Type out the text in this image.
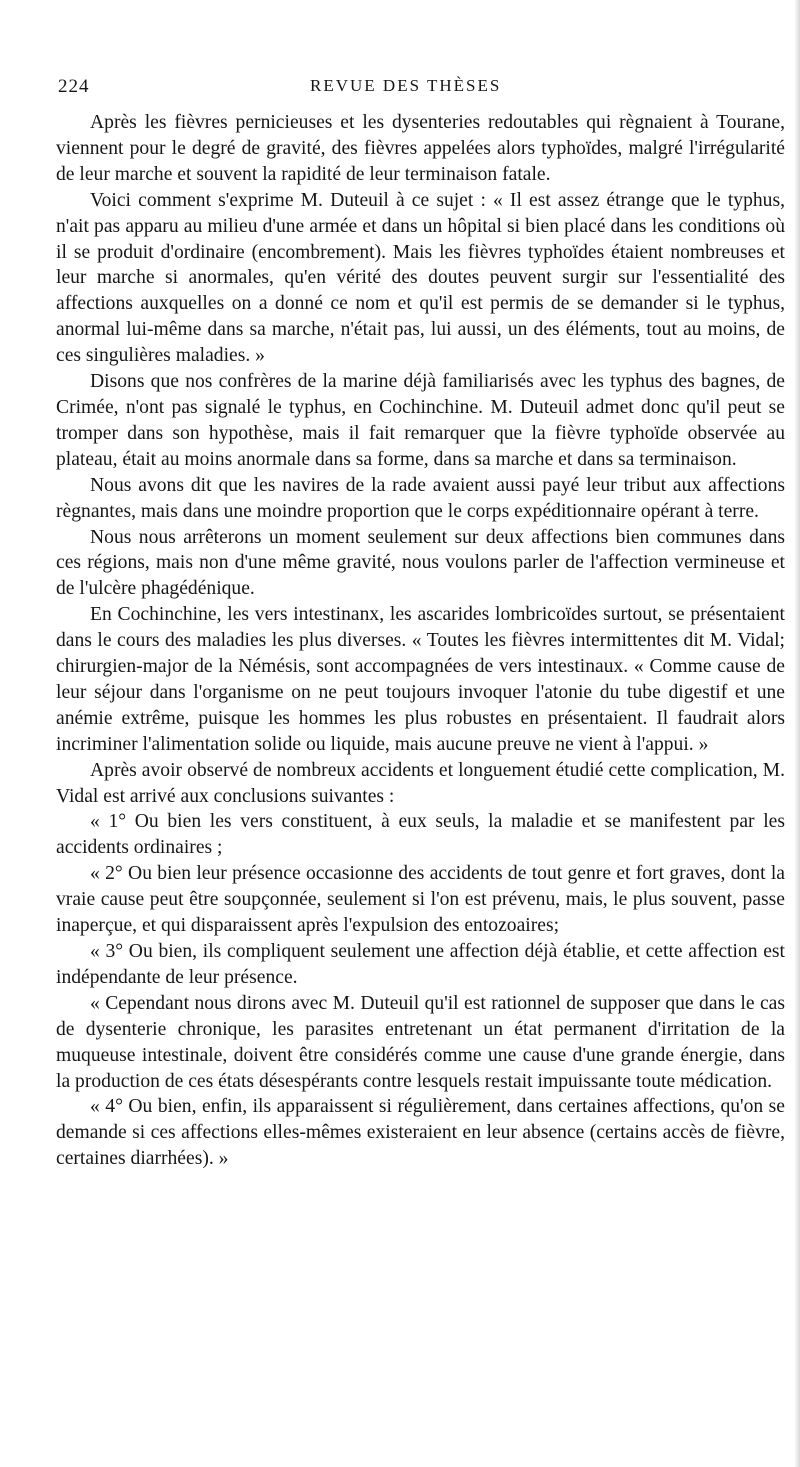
224	REVUE DES THÈSES

Après les fièvres pernicieuses et les dysenteries redoutables qui règnaient à Tourane, viennent pour le degré de gravité, des fièvres appelées alors typhoïdes, malgré l'irrégularité de leur marche et souvent la rapidité de leur terminaison fatale.

Voici comment s'exprime M. Duteuil à ce sujet : « Il est assez étrange que le typhus, n'ait pas apparu au milieu d'une armée et dans un hôpital si bien placé dans les conditions où il se produit d'ordinaire (encombrement). Mais les fièvres typhoïdes étaient nombreuses et leur marche si anormales, qu'en vérité des doutes peuvent surgir sur l'essentialité des affections auxquelles on a donné ce nom et qu'il est permis de se demander si le typhus, anormal lui-même dans sa marche, n'était pas, lui aussi, un des éléments, tout au moins, de ces singulières maladies. »

Disons que nos confrères de la marine déjà familiarisés avec les typhus des bagnes, de Crimée, n'ont pas signalé le typhus, en Cochinchine. M. Duteuil admet donc qu'il peut se tromper dans son hypothèse, mais il fait remarquer que la fièvre typhoïde observée au plateau, était au moins anormale dans sa forme, dans sa marche et dans sa terminaison.

Nous avons dit que les navires de la rade avaient aussi payé leur tribut aux affections règnantes, mais dans une moindre proportion que le corps expéditionnaire opérant à terre.

Nous nous arrêterons un moment seulement sur deux affections bien communes dans ces régions, mais non d'une même gravité, nous voulons parler de l'affection vermineuse et de l'ulcère phagédénique.

En Cochinchine, les vers intestinanx, les ascarides lombricoïdes surtout, se présentaient dans le cours des maladies les plus diverses. « Toutes les fièvres intermittentes dit M. Vidal; chirurgien-major de la Némésis, sont accompagnées de vers intestinaux. « Comme cause de leur séjour dans l'organisme on ne peut toujours invoquer l'atonie du tube digestif et une anémie extrême, puisque les hommes les plus robustes en présentaient. Il faudrait alors incriminer l'alimentation solide ou liquide, mais aucune preuve ne vient à l'appui. »

Après avoir observé de nombreux accidents et longuement étudié cette complication, M. Vidal est arrivé aux conclusions suivantes :

« 1° Ou bien les vers constituent, à eux seuls, la maladie et se manifestent par les accidents ordinaires ;

« 2° Ou bien leur présence occasionne des accidents de tout genre et fort graves, dont la vraie cause peut être soupçonnée, seulement si l'on est prévenu, mais, le plus souvent, passe inaperçue, et qui disparaissent après l'expulsion des entozoaires;

« 3° Ou bien, ils compliquent seulement une affection déjà établie, et cette affection est indépendante de leur présence.

« Cependant nous dirons avec M. Duteuil qu'il est rationnel de supposer que dans le cas de dysenterie chronique, les parasites entretenant un état permanent d'irritation de la muqueuse intestinale, doivent être considérés comme une cause d'une grande énergie, dans la production de ces états désespérants contre lesquels restait impuissante toute médication.

« 4° Ou bien, enfin, ils apparaissent si régulièrement, dans certaines affections, qu'on se demande si ces affections elles-mêmes existeraient en leur absence (certains accès de fièvre, certaines diarrhées). »
